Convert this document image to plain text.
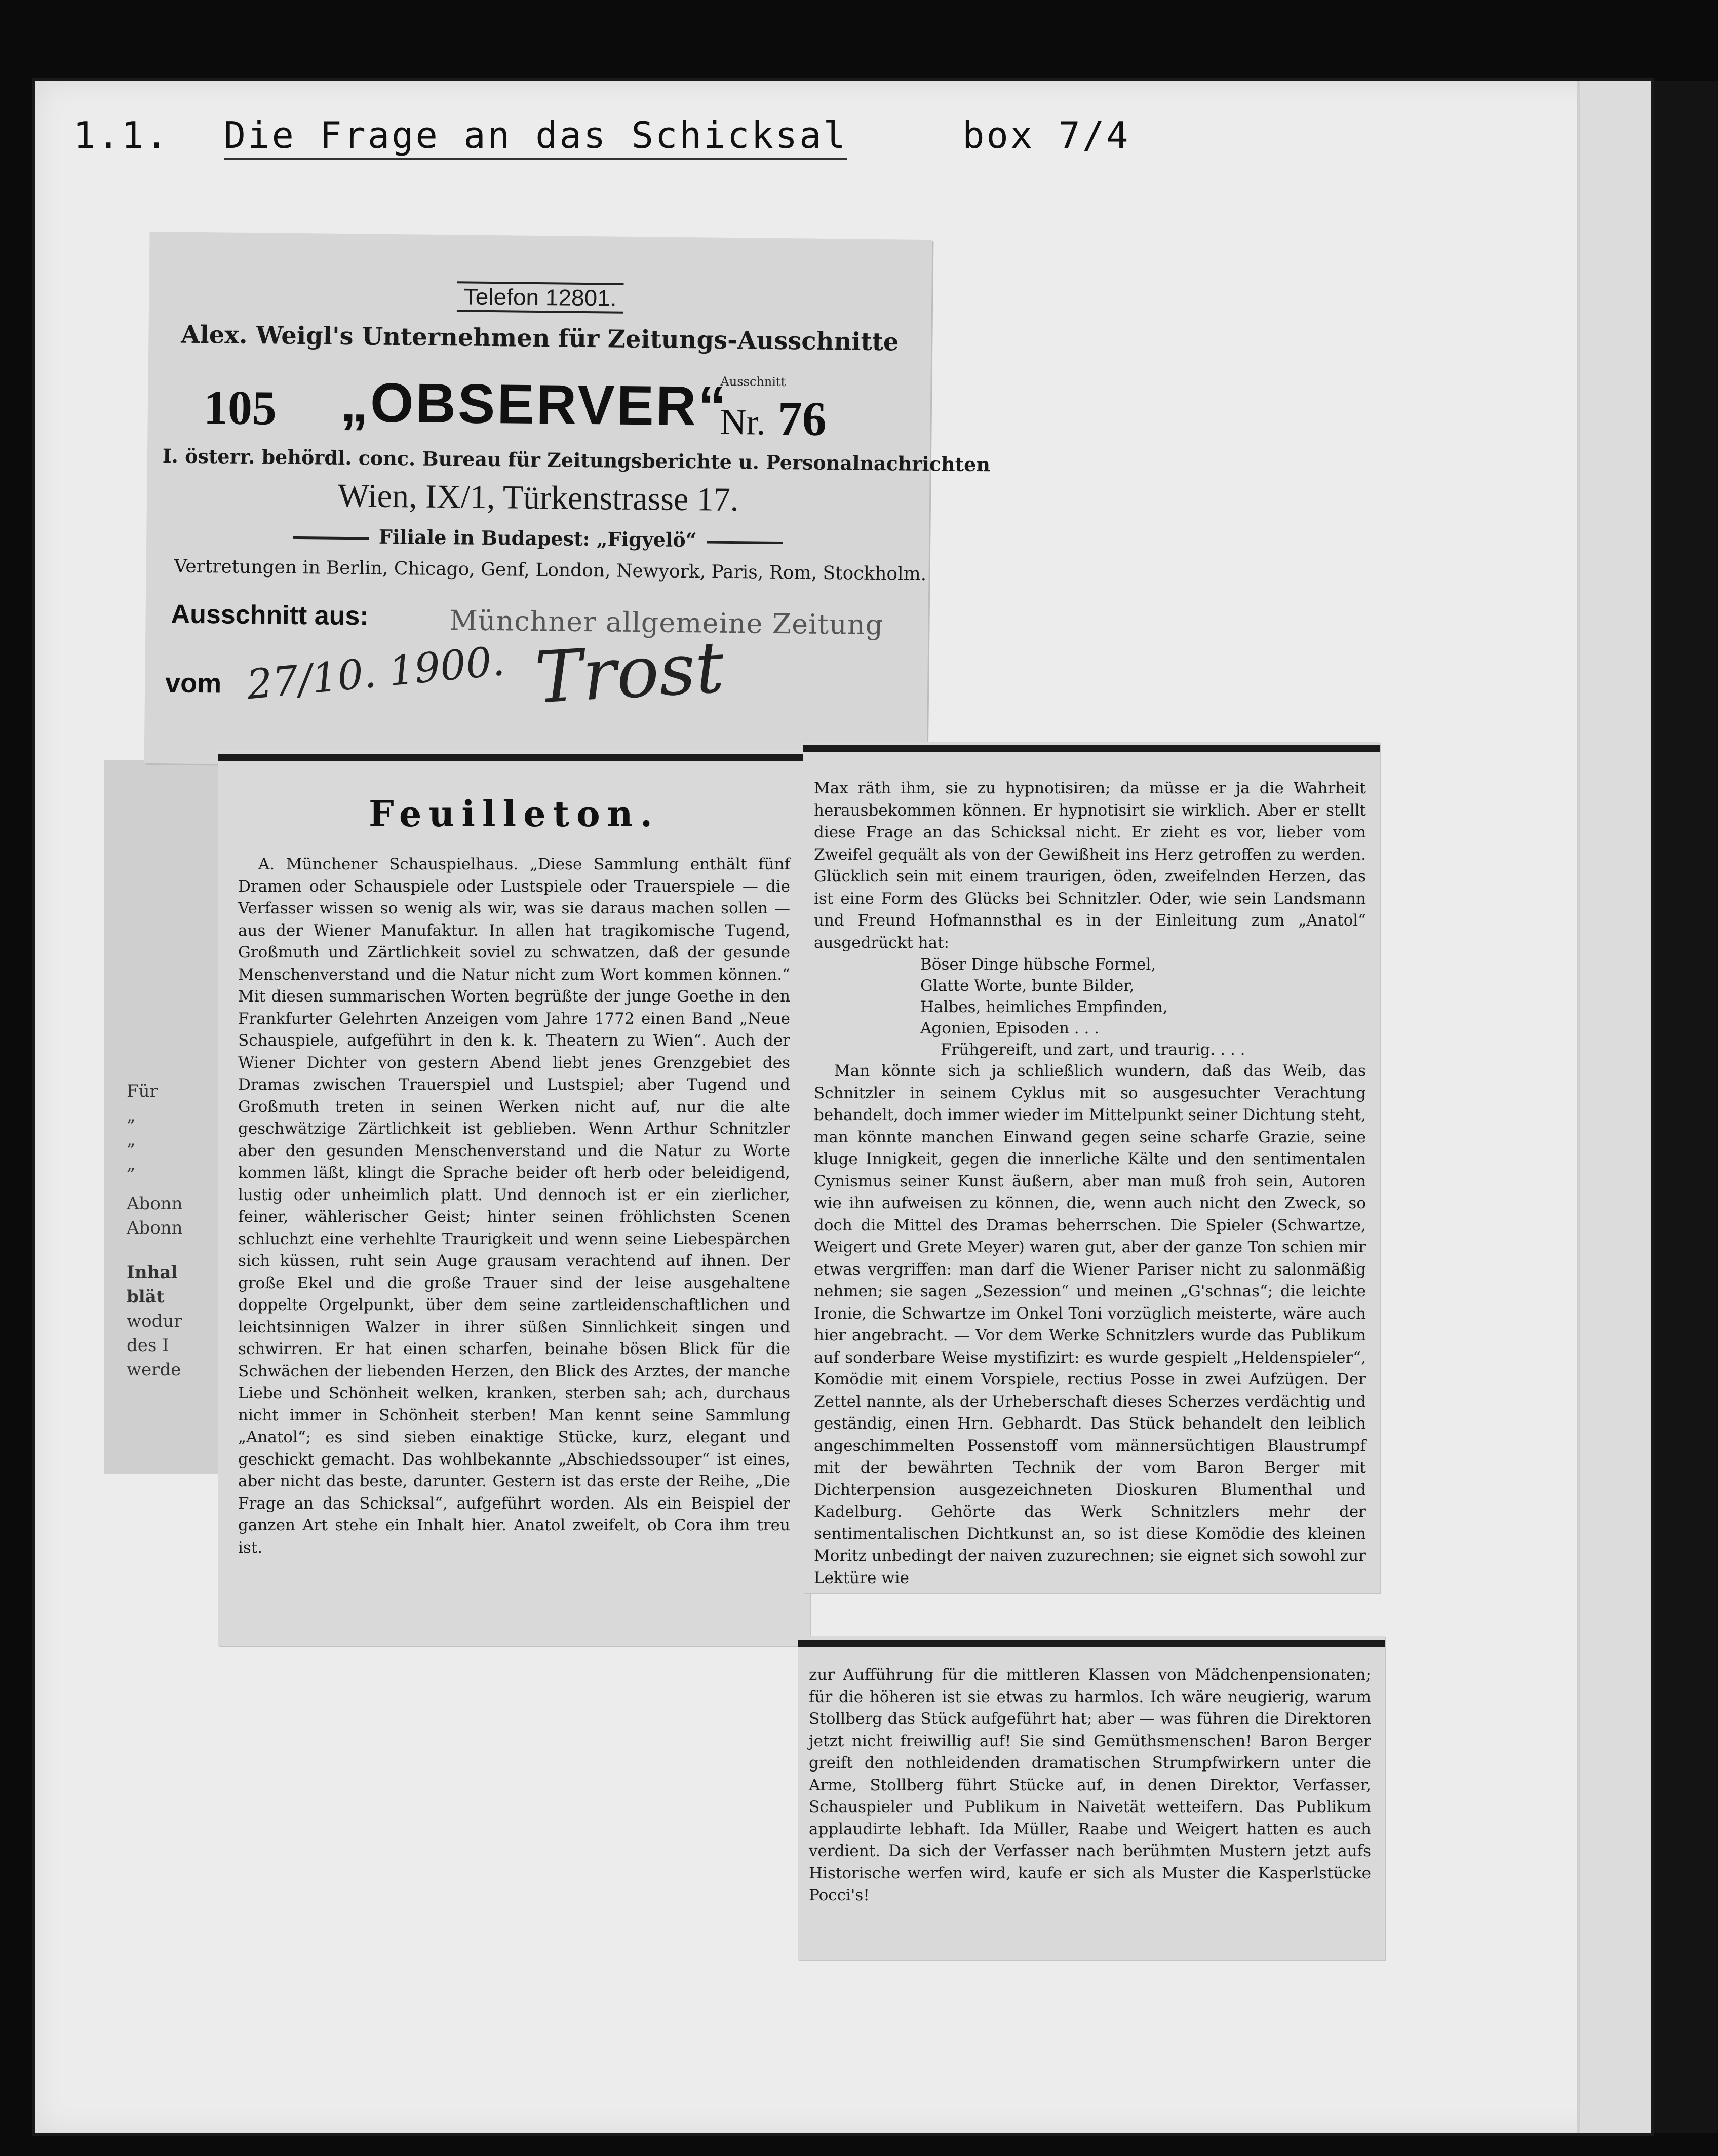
1.1. Die Frage an das Schicksal	box 7/4
Telefon 12801.
Alex. Weigl's Unternehmen für Zeitungs-Ausschnitte
Ausschnitt
105 „OBSERVER“
Nr. 76
I. österr. behördl. conc. Bureau für Zeitungsberichte u. Personalnachrichten
Wien, IX/1, Türkenstrasse 17.
Filiale in Budapest: „Figyelö“
Vertretungen in Berlin, Chicago, Genf, London, Newyork, Paris, Rom, Stockholm.
Ausschnitt aus:	Münchner allgemeine Zeitung
vom 27/10. 1900. Trost
Für
„
„
„
Abonn
Abonn
Inhal
blät
wodur
des I
werde
Feuilleton.

A. Münchener Schauspielhaus. „Diese Sammlung enthält fünf Dramen oder Schauspiele oder Lustspiele oder Trauerspiele — die Verfasser wissen so wenig als wir, was sie daraus machen sollen — aus der Wiener Manufaktur. In allen hat tragikomische Tugend, Großmuth und Zärtlichkeit soviel zu schwatzen, daß der gesunde Menschenverstand und die Natur nicht zum Wort kommen können.“ Mit diesen summarischen Worten begrüßte der junge Goethe in den Frankfurter Gelehrten Anzeigen vom Jahre 1772 einen Band „Neue Schauspiele, aufgeführt in den k. k. Theatern zu Wien“. Auch der Wiener Dichter von gestern Abend liebt jenes Grenzgebiet des Dramas zwischen Trauerspiel und Lustspiel; aber Tugend und Großmuth treten in seinen Werken nicht auf, nur die alte geschwätzige Zärtlichkeit ist geblieben. Wenn Arthur Schnitzler aber den gesunden Menschenverstand und die Natur zu Worte kommen läßt, klingt die Sprache beider oft herb oder beleidigend, lustig oder unheimlich platt. Und dennoch ist er ein zierlicher, feiner, wählerischer Geist; hinter seinen fröhlichsten Scenen schluchzt eine verhehlte Traurigkeit und wenn seine Liebespärchen sich küssen, ruht sein Auge grausam verachtend auf ihnen. Der große Ekel und die große Trauer sind der leise ausgehaltene doppelte Orgelpunkt, über dem seine zartleidenschaftlichen und leichtsinnigen Walzer in ihrer süßen Sinnlichkeit singen und schwirren. Er hat einen scharfen, beinahe bösen Blick für die Schwächen der liebenden Herzen, den Blick des Arztes, der manche Liebe und Schönheit welken, kranken, sterben sah; ach, durchaus nicht immer in Schönheit sterben! Man kennt seine Sammlung „Anatol“; es sind sieben einaktige Stücke, kurz, elegant und geschickt gemacht. Das wohlbekannte „Abschiedssouper“ ist eines, aber nicht das beste, darunter. Gestern ist das erste der Reihe, „Die Frage an das Schicksal“, aufgeführt worden. Als ein Beispiel der ganzen Art stehe ein Inhalt hier. Anatol zweifelt, ob Cora ihm treu ist.

Max räth ihm, sie zu hypnotisiren; da müsse er ja die Wahrheit herausbekommen können. Er hypnotisirt sie wirklich. Aber er stellt diese Frage an das Schicksal nicht. Er zieht es vor, lieber vom Zweifel gequält als von der Gewißheit ins Herz getroffen zu werden. Glücklich sein mit einem traurigen, öden, zweifelnden Herzen, das ist eine Form des Glücks bei Schnitzler. Oder, wie sein Landsmann und Freund Hofmannsthal es in der Einleitung zum „Anatol“ ausgedrückt hat:

Böser Dinge hübsche Formel,
Glatte Worte, bunte Bilder,
Halbes, heimliches Empfinden,
Agonien, Episoden . . .
Frühgereift, und zart, und traurig. . . .

Man könnte sich ja schließlich wundern, daß das Weib, das Schnitzler in seinem Cyklus mit so ausgesuchter Verachtung behandelt, doch immer wieder im Mittelpunkt seiner Dichtung steht, man könnte manchen Einwand gegen seine scharfe Grazie, seine kluge Innigkeit, gegen die innerliche Kälte und den sentimentalen Cynismus seiner Kunst äußern, aber man muß froh sein, Autoren wie ihn aufweisen zu können, die, wenn auch nicht den Zweck, so doch die Mittel des Dramas beherrschen. Die Spieler (Schwartze, Weigert und Grete Meyer) waren gut, aber der ganze Ton schien mir etwas vergriffen: man darf die Wiener Pariser nicht zu salonmäßig nehmen; sie sagen „Sezession“ und meinen „G'schnas“; die leichte Ironie, die Schwartze im Onkel Toni vorzüglich meisterte, wäre auch hier angebracht. — Vor dem Werke Schnitzlers wurde das Publikum auf sonderbare Weise mystifizirt: es wurde gespielt „Heldenspieler“, Komödie mit einem Vorspiele, rectius Posse in zwei Aufzügen. Der Zettel nannte, als der Urheberschaft dieses Scherzes verdächtig und geständig, einen Hrn. Gebhardt. Das Stück behandelt den leiblich angeschimmelten Possenstoff vom männersüchtigen Blaustrumpf mit der bewährten Technik der vom Baron Berger mit Dichterpension ausgezeichneten Dioskuren Blumenthal und Kadelburg. Gehörte das Werk Schnitzlers mehr der sentimentalischen Dichtkunst an, so ist diese Komödie des kleinen Moritz unbedingt der naiven zuzurechnen; sie eignet sich sowohl zur Lektüre wie

zur Aufführung für die mittleren Klassen von Mädchenpensionaten; für die höheren ist sie etwas zu harmlos. Ich wäre neugierig, warum Stollberg das Stück aufgeführt hat; aber — was führen die Direktoren jetzt nicht freiwillig auf! Sie sind Gemüthsmenschen! Baron Berger greift den nothleidenden dramatischen Strumpfwirkern unter die Arme, Stollberg führt Stücke auf, in denen Direktor, Verfasser, Schauspieler und Publikum in Naivetät wetteifern. Das Publikum applaudirte lebhaft. Ida Müller, Raabe und Weigert hatten es auch verdient. Da sich der Verfasser nach berühmten Mustern jetzt aufs Historische werfen wird, kaufe er sich als Muster die Kasperlstücke Pocci's!
